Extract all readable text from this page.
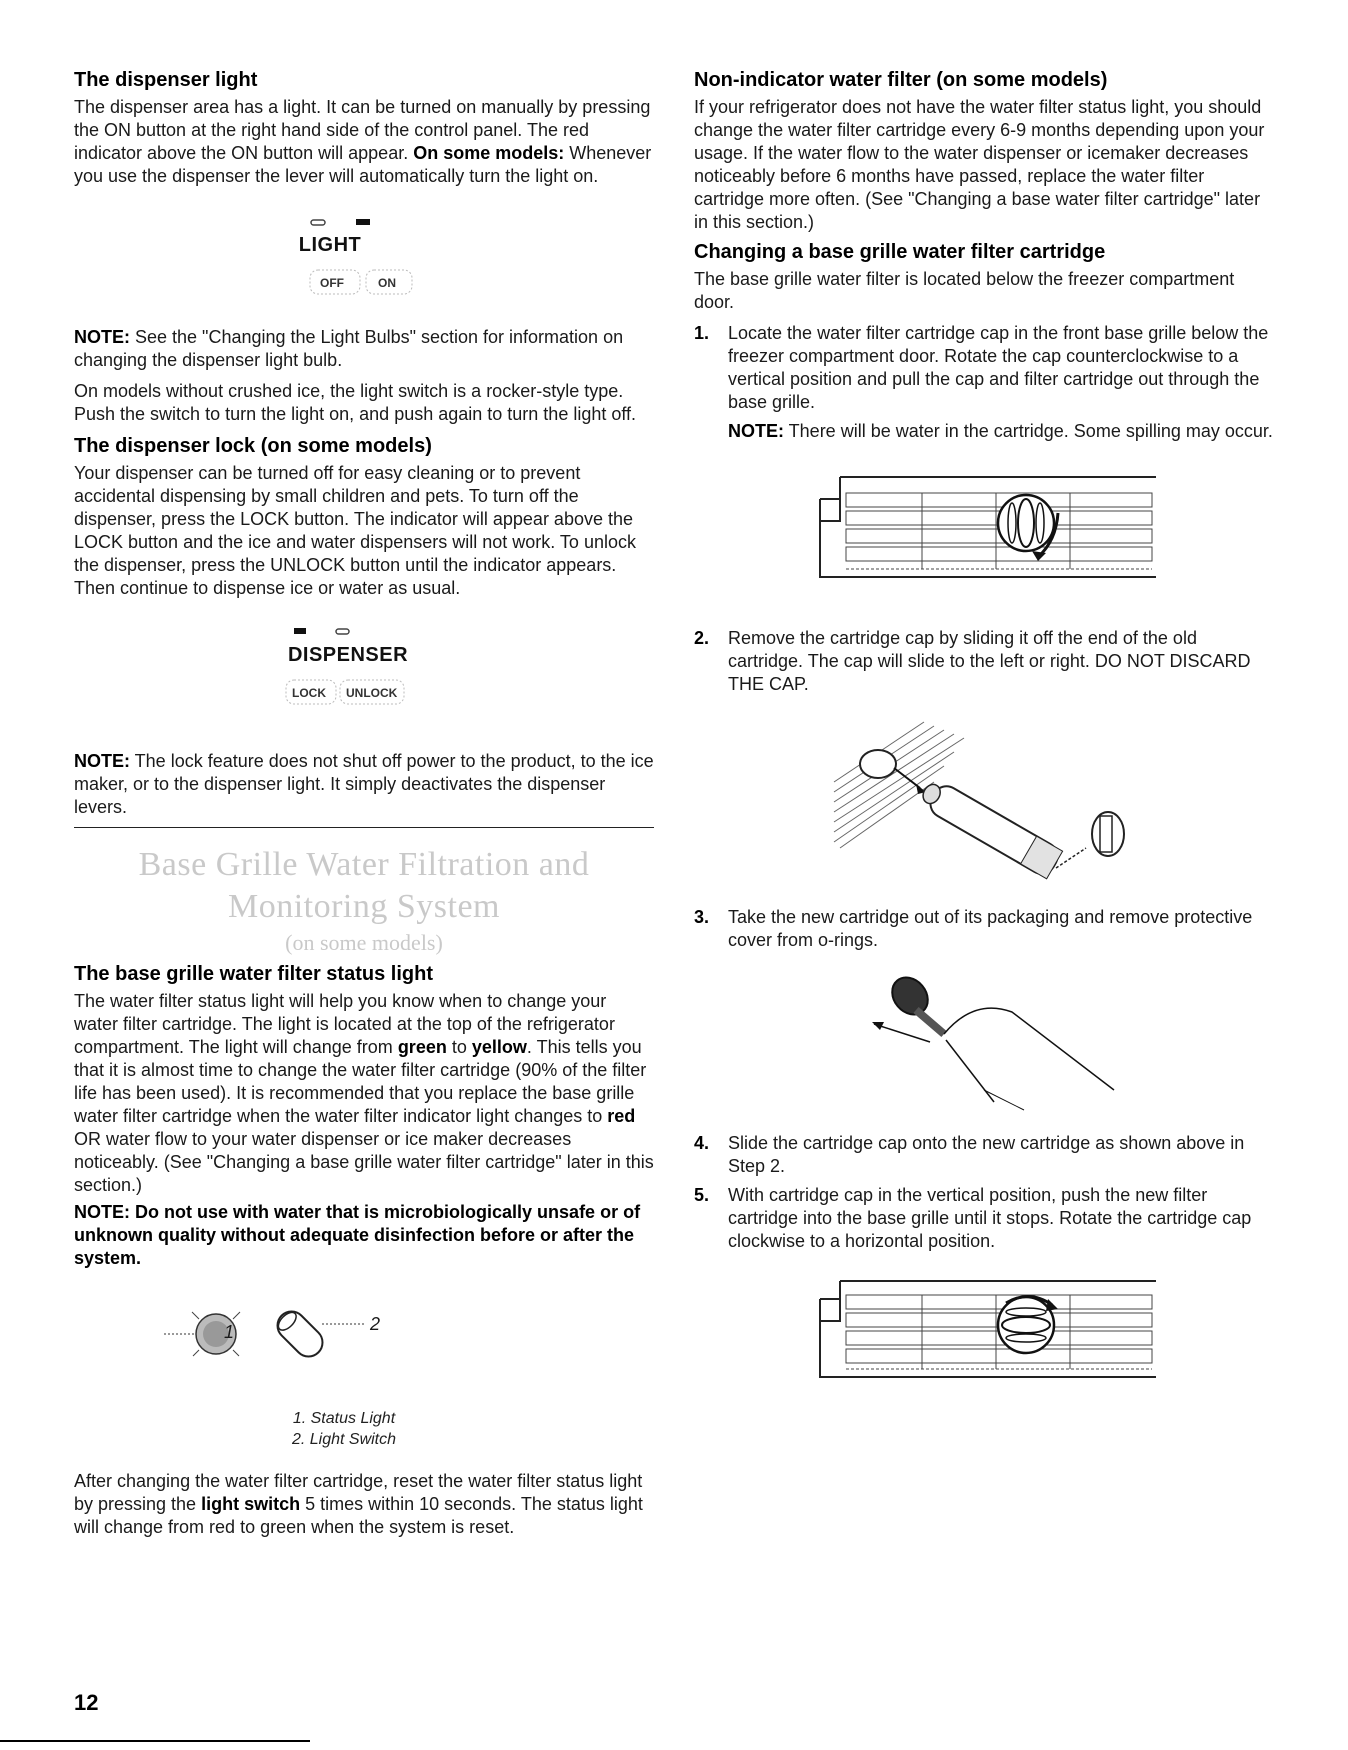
The dispenser light

The dispenser area has a light. It can be turned on manually by pressing the ON button at the right hand side of the control panel. The red indicator above the ON button will appear. On some models: Whenever you use the dispenser the lever will automatically turn the light on.

LIGHT
OFF	ON

NOTE: See the "Changing the Light Bulbs" section for information on changing the dispenser light bulb.

On models without crushed ice, the light switch is a rocker-style type. Push the switch to turn the light on, and push again to turn the light off.

The dispenser lock (on some models)

Your dispenser can be turned off for easy cleaning or to prevent accidental dispensing by small children and pets. To turn off the dispenser, press the LOCK button. The indicator will appear above the LOCK button and the ice and water dispensers will not work. To unlock the dispenser, press the UNLOCK button until the indicator appears. Then continue to dispense ice or water as usual.

DISPENSER
LOCK UNLOCK

NOTE: The lock feature does not shut off power to the product, to the ice maker, or to the dispenser light. It simply deactivates the dispenser levers.

Base Grille Water Filtration and Monitoring System
(on some models)
The base grille water filter status light

The water filter status light will help you know when to change your water filter cartridge. The light is located at the top of the refrigerator compartment. The light will change from green to yellow. This tells you that it is almost time to change the water filter cartridge (90% of the filter life has been used). It is recommended that you replace the base grille water filter cartridge when the water filter indicator light changes to red OR water flow to your water dispenser or ice maker decreases noticeably. (See "Changing a base grille water filter cartridge" later in this section.)

NOTE: Do not use with water that is microbiologically unsafe or of unknown quality without adequate disinfection before or after the system.

1	2
1. Status Light
2. Light Switch

After changing the water filter cartridge, reset the water filter status light by pressing the light switch 5 times within 10 seconds. The status light will change from red to green when the system is reset.

Non-indicator water filter (on some models)

If your refrigerator does not have the water filter status light, you should change the water filter cartridge every 6-9 months depending upon your usage. If the water flow to the water dispenser or icemaker decreases noticeably before 6 months have passed, replace the water filter cartridge more often. (See "Changing a base water filter cartridge" later in this section.)

Changing a base grille water filter cartridge

The base grille water filter is located below the freezer compartment door.

1. Locate the water filter cartridge cap in the front base grille below the freezer compartment door. Rotate the cap counterclockwise to a vertical position and pull the cap and filter cartridge out through the base grille.

NOTE: There will be water in the cartridge. Some spilling may occur.

2. Remove the cartridge cap by sliding it off the end of the old cartridge. The cap will slide to the left or right. DO NOT DISCARD THE CAP.
3. Take the new cartridge out of its packaging and remove protective cover from o-rings.
4. Slide the cartridge cap onto the new cartridge as shown above in Step 2.
5. With cartridge cap in the vertical position, push the new filter cartridge into the base grille until it stops. Rotate the cartridge cap clockwise to a horizontal position.
12
